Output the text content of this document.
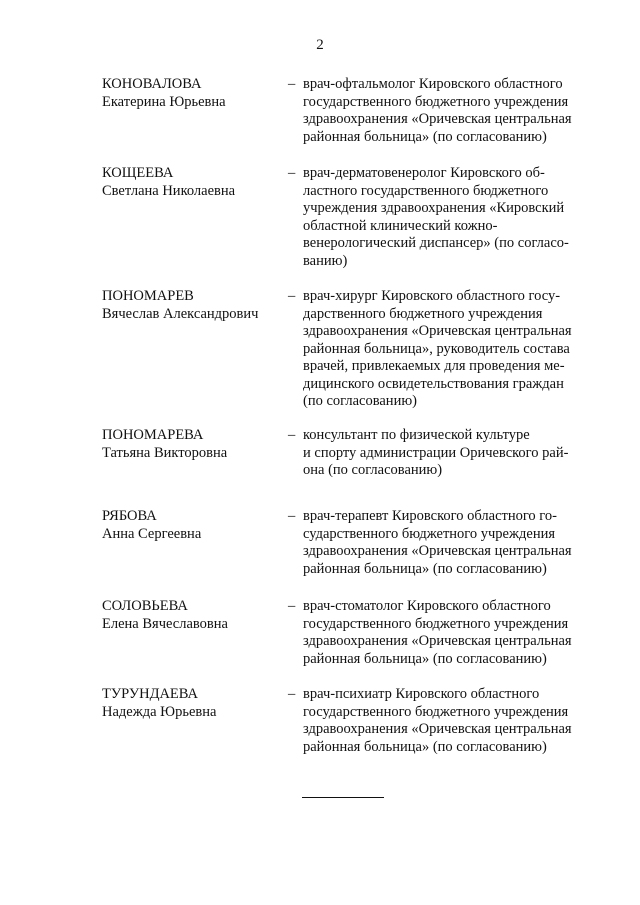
2
КОНОВАЛОВА
Екатерина Юрьевна
– врач-офтальмолог Кировского областного
государственного бюджетного учреждения
здравоохранения «Оричевская центральная
районная больница» (по согласованию)
КОЩЕЕВА
Светлана Николаевна
– врач-дерматовенеролог Кировского об-
ластного государственного бюджетного
учреждения здравоохранения «Кировский
областной клинический кожно-
венерологический диспансер» (по согласо-
ванию)
ПОНОМАРЕВ
Вячеслав Александрович
– врач-хирург Кировского областного госу-
дарственного бюджетного учреждения
здравоохранения «Оричевская центральная
районная больница», руководитель состава
врачей, привлекаемых для проведения ме-
дицинского освидетельствования граждан
(по согласованию)
ПОНОМАРЕВА
Татьяна Викторовна
– консультант по физической культуре
и спорту администрации Оричевского рай-
она (по согласованию)
РЯБОВА
Анна Сергеевна
– врач-терапевт Кировского областного го-
сударственного бюджетного учреждения
здравоохранения «Оричевская центральная
районная больница» (по согласованию)
СОЛОВЬЕВА
Елена Вячеславовна
– врач-стоматолог Кировского областного
государственного бюджетного учреждения
здравоохранения «Оричевская центральная
районная больница» (по согласованию)
ТУРУНДАЕВА
Надежда Юрьевна
– врач-психиатр Кировского областного
государственного бюджетного учреждения
здравоохранения «Оричевская центральная
районная больница» (по согласованию)
